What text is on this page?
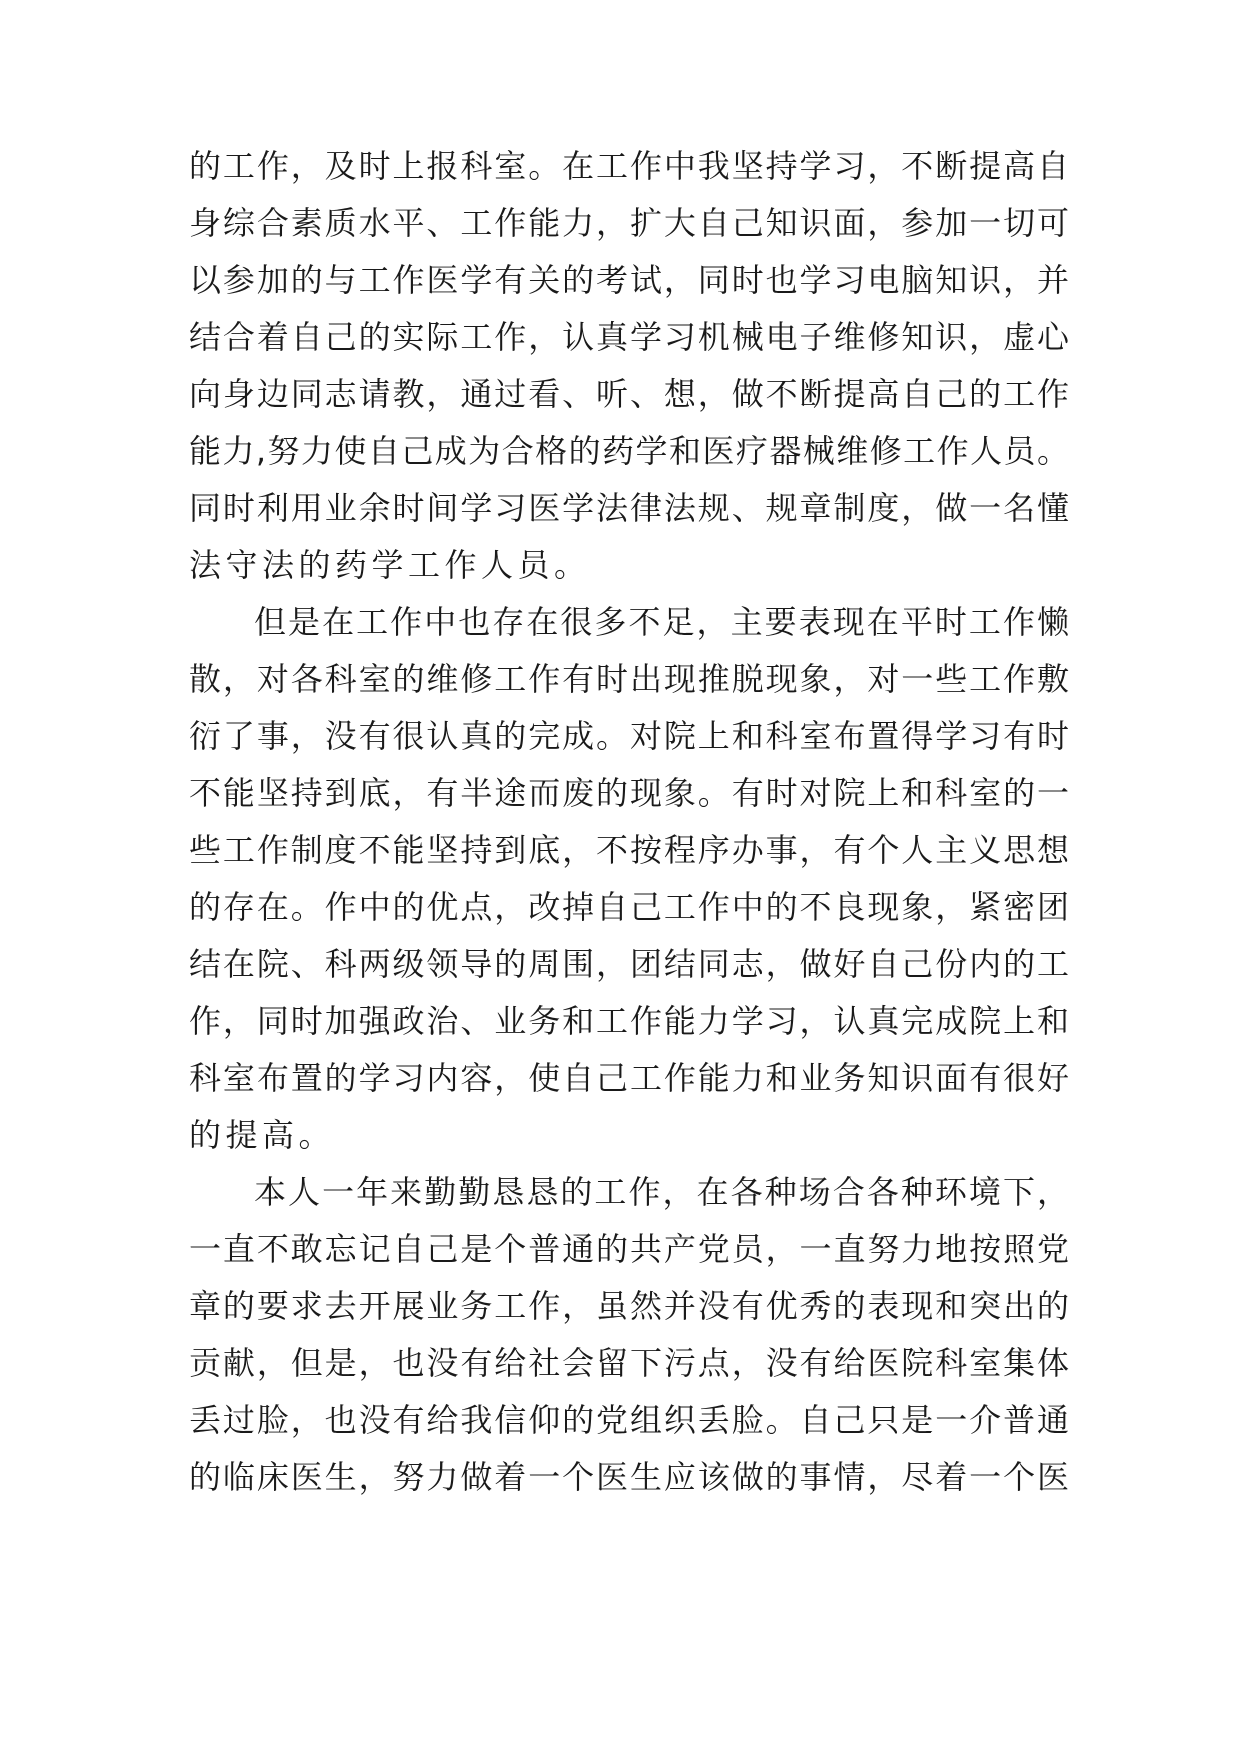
的工作，及时上报科室。在工作中我坚持学习，不断提高自

身综合素质水平、工作能力，扩大自己知识面，参加一切可

以参加的与工作医学有关的考试，同时也学习电脑知识，并

结合着自己的实际工作，认真学习机械电子维修知识，虚心

向身边同志请教，通过看、听、想，做不断提高自己的工作

能力,努力使自己成为合格的药学和医疗器械维修工作人员。

同时利用业余时间学习医学法律法规、规章制度，做一名懂

法守法的药学工作人员。

但是在工作中也存在很多不足，主要表现在平时工作懒

散，对各科室的维修工作有时出现推脱现象，对一些工作敷

衍了事，没有很认真的完成。对院上和科室布置得学习有时

不能坚持到底，有半途而废的现象。有时对院上和科室的一

些工作制度不能坚持到底，不按程序办事，有个人主义思想

的存在。作中的优点，改掉自己工作中的不良现象，紧密团

结在院、科两级领导的周围，团结同志，做好自己份内的工

作，同时加强政治、业务和工作能力学习，认真完成院上和

科室布置的学习内容，使自己工作能力和业务知识面有很好

的提高。

本人一年来勤勤恳恳的工作，在各种场合各种环境下，

一直不敢忘记自己是个普通的共产党员，一直努力地按照党

章的要求去开展业务工作，虽然并没有优秀的表现和突出的

贡献，但是，也没有给社会留下污点，没有给医院科室集体

丢过脸，也没有给我信仰的党组织丢脸。自己只是一介普通

的临床医生，努力做着一个医生应该做的事情，尽着一个医
